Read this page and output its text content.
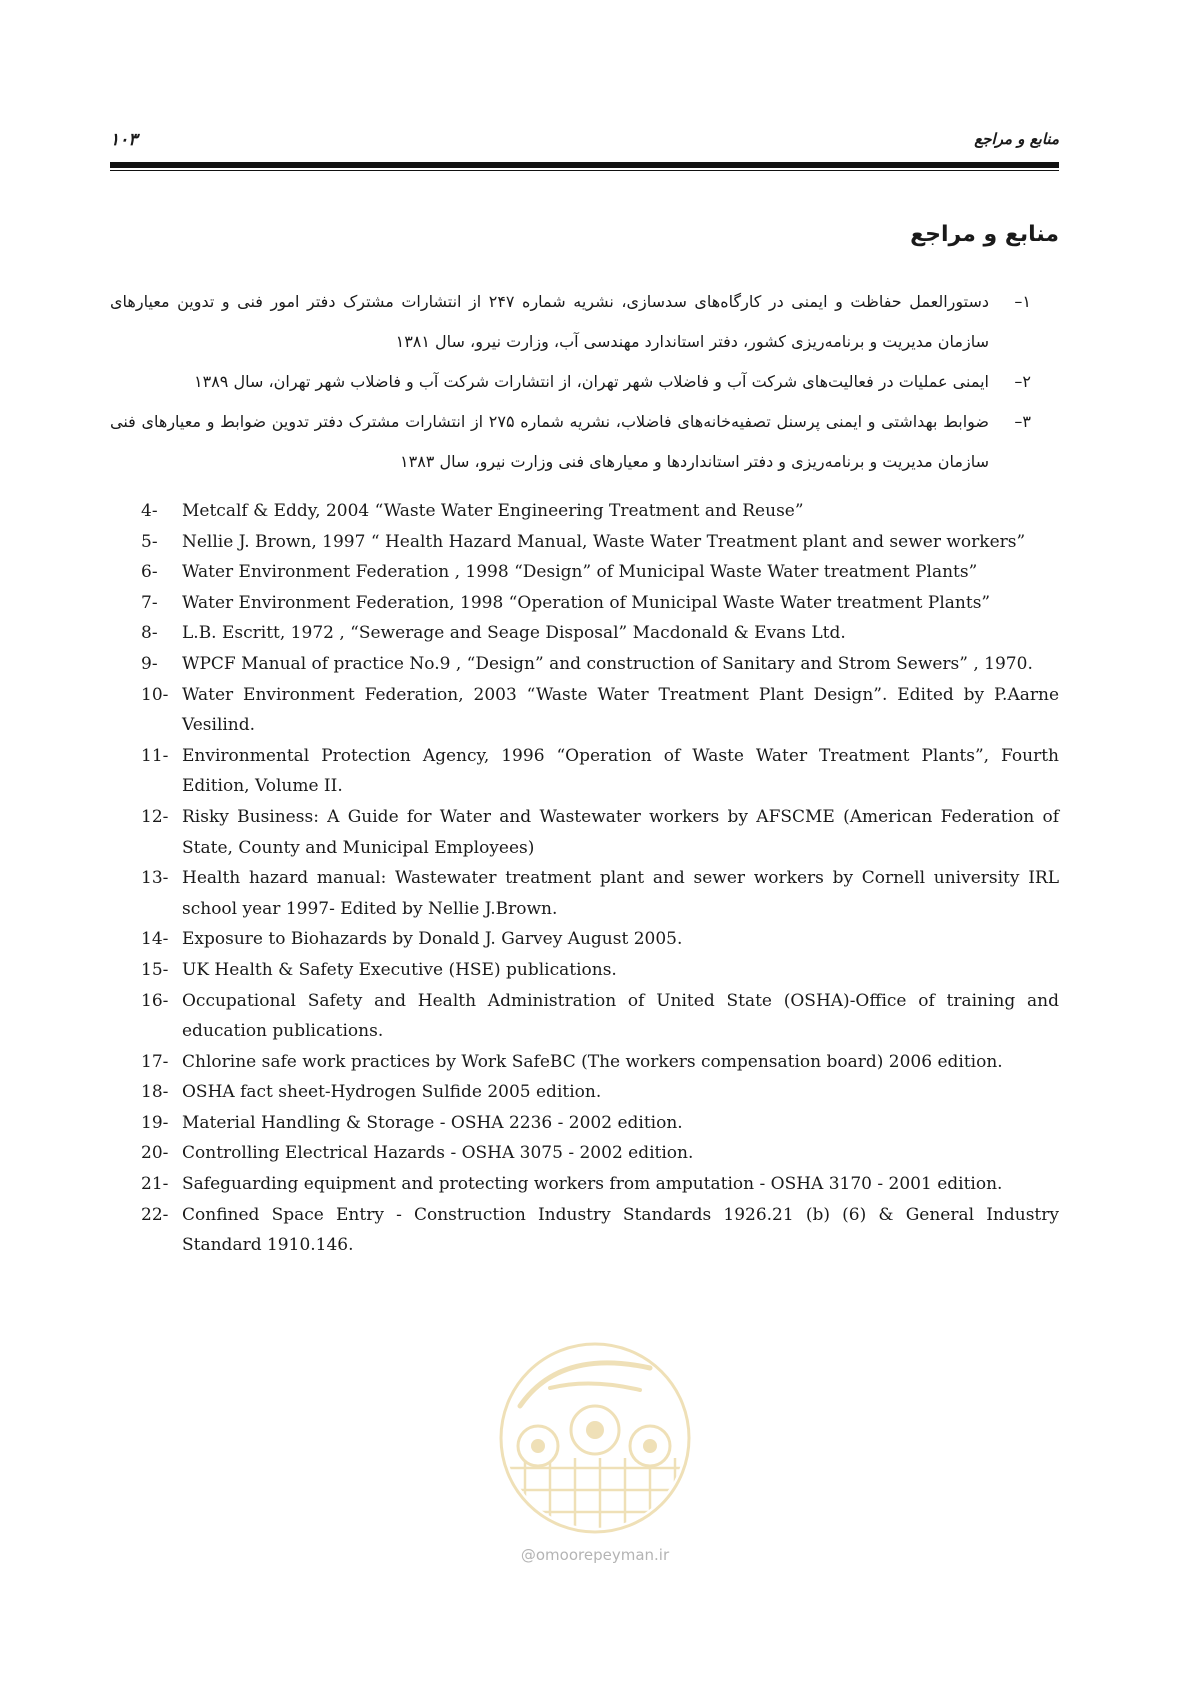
۱۰۳	منابع و مراجع
منابع و مراجع
۱–
دستورالعمل حفاظت و ایمنی در کارگاه‌های سدسازی، نشریه شماره ۲۴۷ از انتشارات مشترک دفتر امور فنی و تدوین معیارهای سازمان مدیریت و برنامه‌ریزی کشور، دفتر استاندارد مهندسی آب، وزارت نیرو، سال ۱۳۸۱
۲–
ایمنی عملیات در فعالیت‌های شرکت آب و فاضلاب شهر تهران، از انتشارات شرکت آب و فاضلاب شهر تهران، سال ۱۳۸۹
۳–
ضوابط بهداشتی و ایمنی پرسنل تصفیه‌خانه‌های فاضلاب، نشریه شماره ۲۷۵ از انتشارات مشترک دفتر تدوین ضوابط و معیارهای فنی سازمان مدیریت و برنامه‌ریزی و دفتر استانداردها و معیارهای فنی وزارت نیرو، سال ۱۳۸۳
4- Metcalf & Eddy, 2004 “Waste Water Engineering Treatment and Reuse”
5- Nellie J. Brown, 1997 “ Health Hazard Manual, Waste Water Treatment plant and sewer workers”
6- Water Environment Federation , 1998 “Design” of Municipal Waste Water treatment Plants”
7- Water Environment Federation, 1998 “Operation of Municipal Waste Water treatment Plants”
8- L.B. Escritt, 1972 , “Sewerage and Seage Disposal” Macdonald & Evans Ltd.
9- WPCF Manual of practice No.9 , “Design” and construction of Sanitary and Strom Sewers” , 1970.
10- Water Environment Federation, 2003 “Waste Water Treatment Plant Design”. Edited by P.Aarne Vesilind.
11- Environmental Protection Agency, 1996 “Operation of Waste Water Treatment Plants”, Fourth Edition, Volume II.
12- Risky Business: A Guide for Water and Wastewater workers by AFSCME (American Federation of State, County and Municipal Employees)
13- Health hazard manual: Wastewater treatment plant and sewer workers by Cornell university IRL school year 1997- Edited by Nellie J.Brown.
14- Exposure to Biohazards by Donald J. Garvey August 2005.
15- UK Health & Safety Executive (HSE) publications.
16- Occupational Safety and Health Administration of United State (OSHA)-Office of training and education publications.
17- Chlorine safe work practices by Work SafeBC (The workers compensation board) 2006 edition.
18- OSHA fact sheet-Hydrogen Sulfide 2005 edition.
19- Material Handling & Storage - OSHA 2236 - 2002 edition.
20- Controlling Electrical Hazards - OSHA 3075 - 2002 edition.
21- Safeguarding equipment and protecting workers from amputation - OSHA 3170 - 2001 edition.
22- Confined Space Entry - Construction Industry Standards 1926.21 (b) (6) & General Industry Standard 1910.146.
@omoorepeyman.ir
